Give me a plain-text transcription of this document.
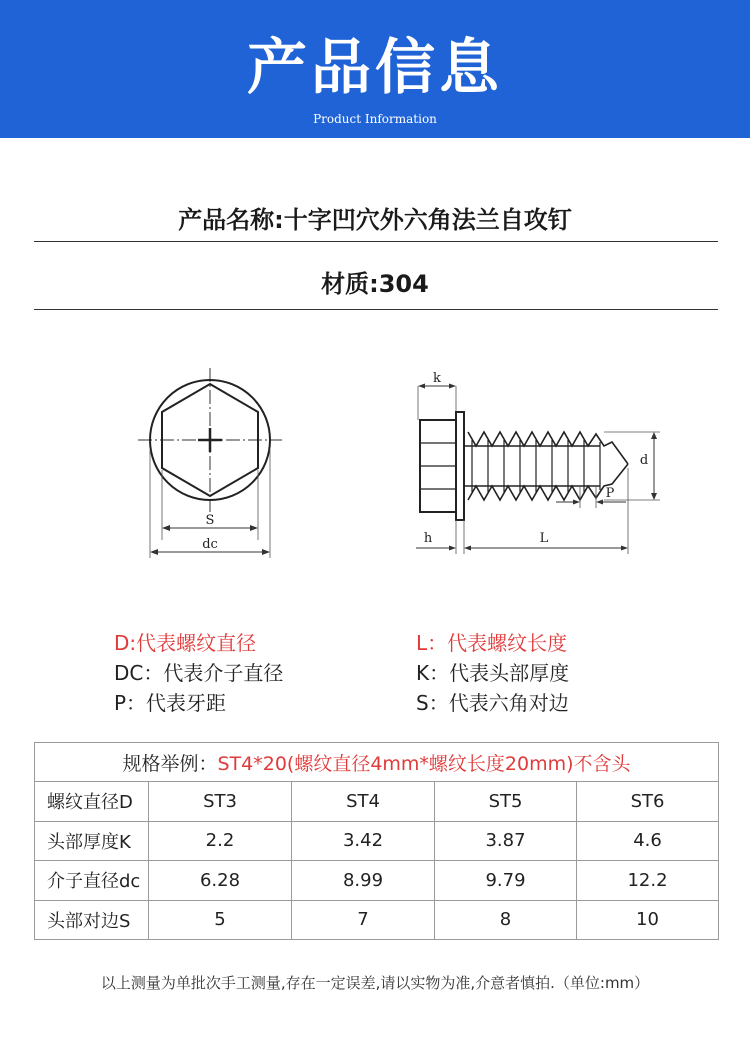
产品信息
Product Information
产品名称:十字凹穴外六角法兰自攻钉
材质:304
S
dc
k
d
P
h	L
D:代表螺纹直径
DC：代表介子直径
P：代表牙距
L：代表螺纹长度
K：代表头部厚度
S：代表六角对边
规格举例：ST4*20(螺纹直径4mm*螺纹长度20mm)不含头				
螺纹直径D	ST3	ST4	ST5	ST6
头部厚度K	2.2	3.42	3.87	4.6
介子直径dc	6.28	8.99	9.79	12.2
头部对边S	5	7	8	10
以上测量为单批次手工测量,存在一定误差,请以实物为准,介意者慎拍.（单位:mm）
